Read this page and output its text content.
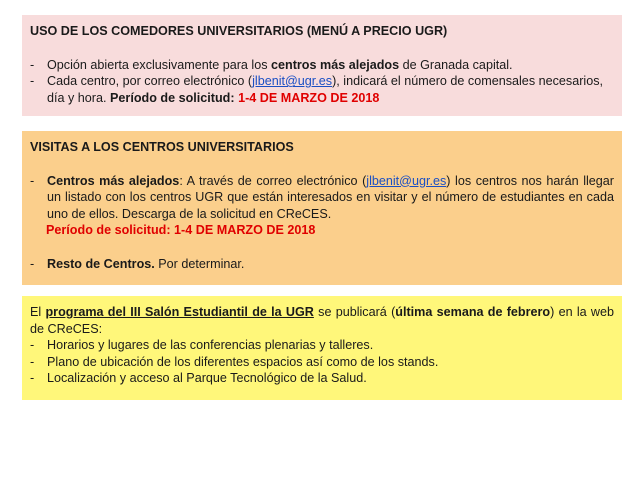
USO DE LOS COMEDORES UNIVERSITARIOS (MENÚ A PRECIO UGR)
- Opción abierta exclusivamente para los centros más alejados de Granada capital.
- Cada centro, por correo electrónico (jlbenit@ugr.es), indicará el número de comensales necesarios, día y hora. Período de solicitud: 1-4 DE MARZO DE 2018
VISITAS A LOS CENTROS UNIVERSITARIOS
- Centros más alejados: A través de correo electrónico (jlbenit@ugr.es) los centros nos harán llegar un listado con los centros UGR que están interesados en visitar y el número de estudiantes en cada uno de ellos. Descarga de la solicitud en CReCES.
Período de solicitud: 1-4 DE MARZO DE 2018
- Resto de Centros. Por determinar.
El programa del III Salón Estudiantil de la UGR se publicará (última semana de febrero) en la web de CReCES:
- Horarios y lugares de las conferencias plenarias y talleres.
- Plano de ubicación de los diferentes espacios así como de los stands.
- Localización y acceso al Parque Tecnológico de la Salud.
